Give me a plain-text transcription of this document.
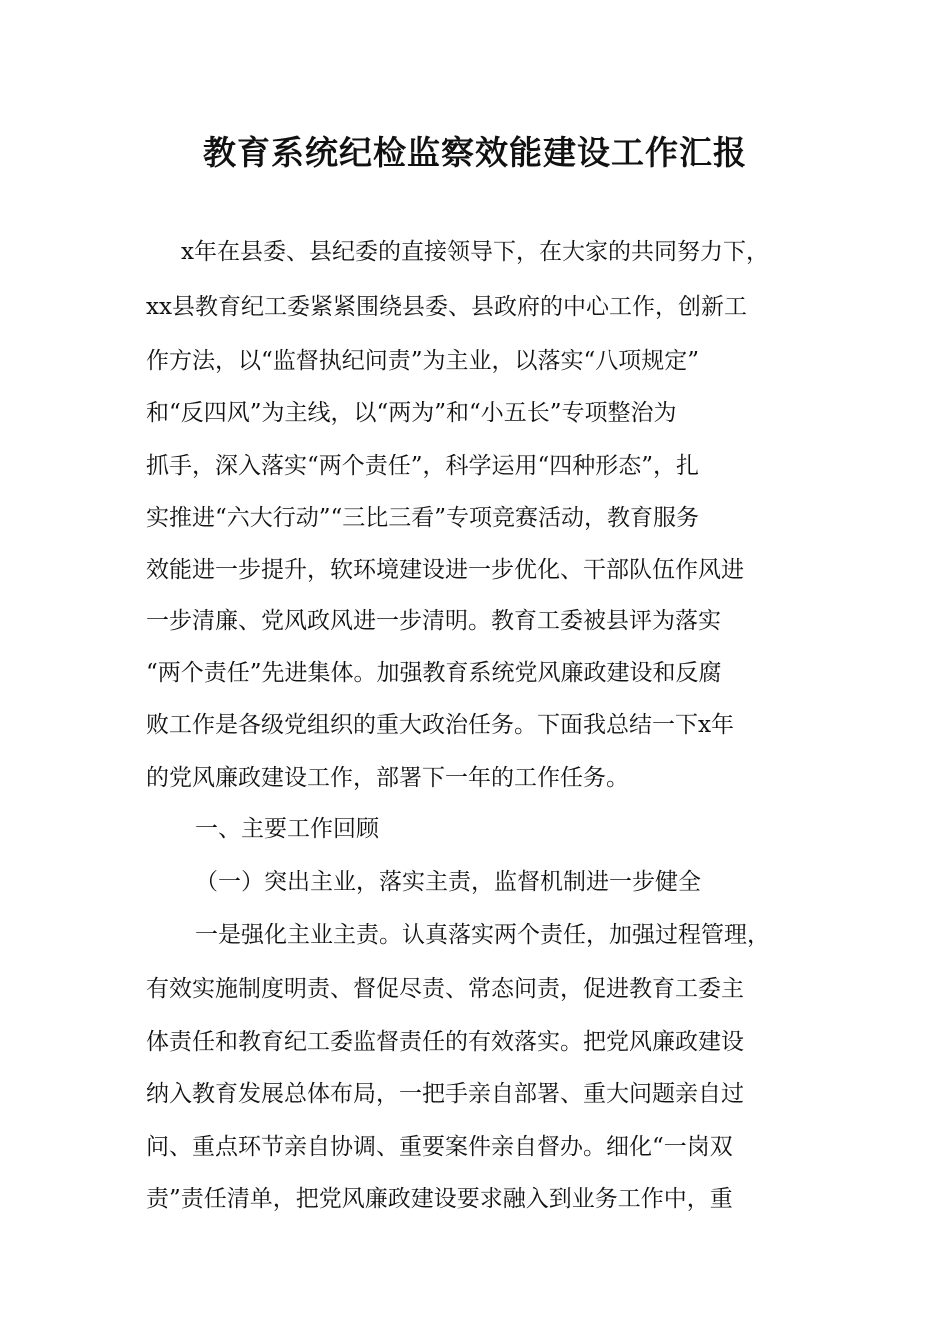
教育系统纪检监察效能建设工作汇报

x年在县委、县纪委的直接领导下，在大家的共同努力下，

xx县教育纪工委紧紧围绕县委、县政府的中心工作，创新工

作方法，以“监督执纪问责”为主业，以落实“八项规定”

和“反四风”为主线，以“两为”和“小五长”专项整治为

抓手，深入落实“两个责任”，科学运用“四种形态”，扎

实推进“六大行动”“三比三看”专项竞赛活动，教育服务

效能进一步提升，软环境建设进一步优化、干部队伍作风进

一步清廉、党风政风进一步清明。教育工委被县评为落实

“两个责任”先进集体。加强教育系统党风廉政建设和反腐

败工作是各级党组织的重大政治任务。下面我总结一下x年

的党风廉政建设工作，部署下一年的工作任务。

一、主要工作回顾

（一）突出主业，落实主责，监督机制进一步健全

一是强化主业主责。认真落实两个责任，加强过程管理，

有效实施制度明责、督促尽责、常态问责，促进教育工委主

体责任和教育纪工委监督责任的有效落实。把党风廉政建设

纳入教育发展总体布局，一把手亲自部署、重大问题亲自过

问、重点环节亲自协调、重要案件亲自督办。细化“一岗双

责”责任清单，把党风廉政建设要求融入到业务工作中，重
